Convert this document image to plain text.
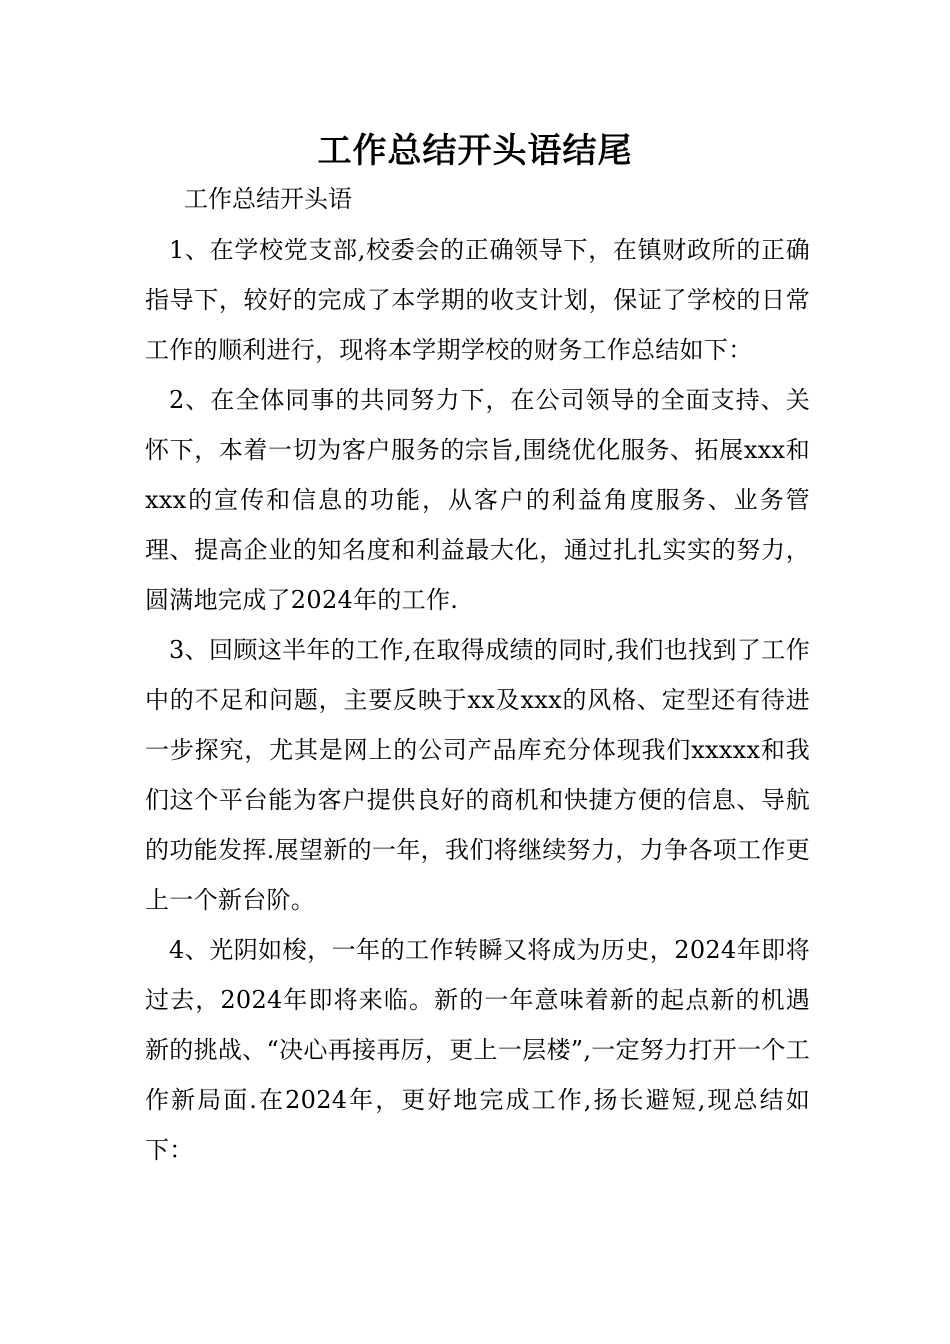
工作总结开头语结尾
工作总结开头语

1、在学校党支部,校委会的正确领导下，在镇财政所的正确指导下，较好的完成了本学期的收支计划，保证了学校的日常工作的顺利进行，现将本学期学校的财务工作总结如下：

2、在全体同事的共同努力下，在公司领导的全面支持、关怀下，本着一切为客户服务的宗旨,围绕优化服务、拓展xxx和xxx的宣传和信息的功能，从客户的利益角度服务、业务管理、提高企业的知名度和利益最大化，通过扎扎实实的努力，圆满地完成了2024年的工作.

3、回顾这半年的工作,在取得成绩的同时,我们也找到了工作中的不足和问题，主要反映于xx及xxx的风格、定型还有待进一步探究，尤其是网上的公司产品库充分体现我们xxxxx和我们这个平台能为客户提供良好的商机和快捷方便的信息、导航的功能发挥.展望新的一年，我们将继续努力，力争各项工作更上一个新台阶。

4、光阴如梭，一年的工作转瞬又将成为历史，2024年即将过去，2024年即将来临。新的一年意味着新的起点新的机遇新的挑战、“决心再接再厉，更上一层楼”,一定努力打开一个工作新局面.在2024年，更好地完成工作,扬长避短,现总结如下：
